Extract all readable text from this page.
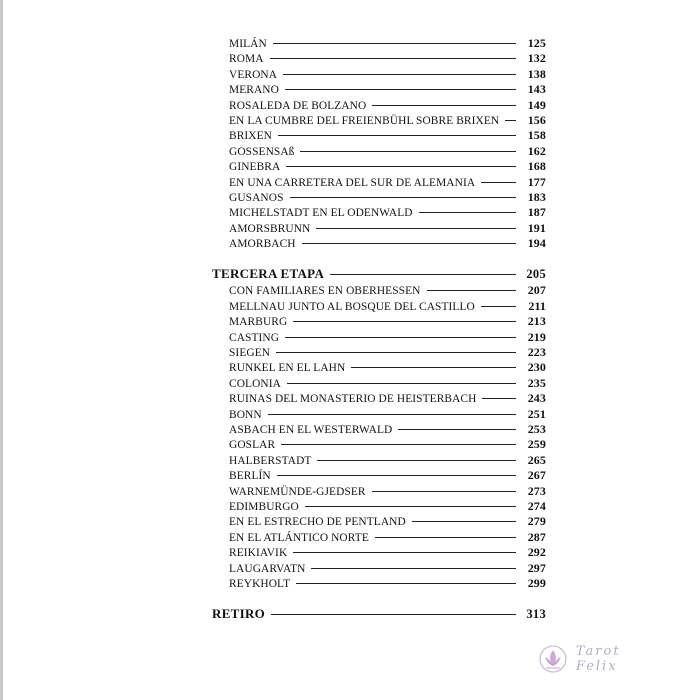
MILÁN	125
ROMA	132
VERONA	138
MERANO	143
ROSALEDA DE BOLZANO	149
EN LA CUMBRE DEL FREIENBÜHL SOBRE BRIXEN	156
BRIXEN	158
GOSSENSAß	162
GINEBRA	168
EN UNA CARRETERA DEL SUR DE ALEMANIA	177
GUSANOS	183
MICHELSTADT EN EL ODENWALD	187
AMORSBRUNN	191
AMORBACH	194
TERCERA ETAPA	205
CON FAMILIARES EN OBERHESSEN	207
MELLNAU JUNTO AL BOSQUE DEL CASTILLO	211
MARBURG	213
CASTING	219
SIEGEN	223
RUNKEL EN EL LAHN	230
COLONIA	235
RUINAS DEL MONASTERIO DE HEISTERBACH	243
BONN	251
ASBACH EN EL WESTERWALD	253
GOSLAR	259
HALBERSTADT	265
BERLÍN	267
WARNEMÜNDE-GJEDSER	273
EDIMBURGO	274
EN EL ESTRECHO DE PENTLAND	279
EN EL ATLÁNTICO NORTE	287
REIKIAVIK	292
LAUGARVATN	297
REYKHOLT	299
RETIRO	313
Tarot Felix
